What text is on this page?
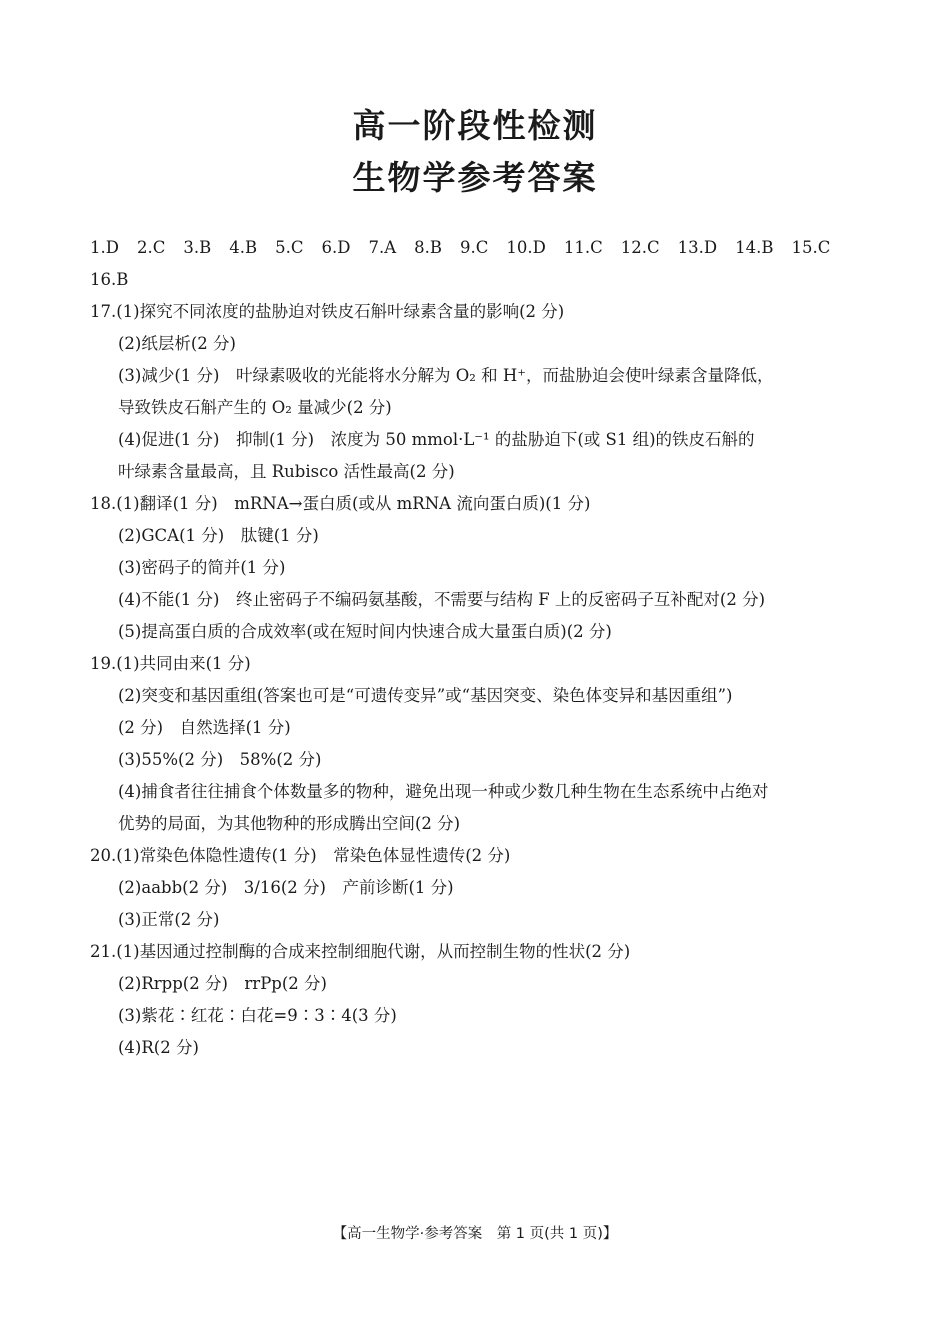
高一阶段性检测
生物学参考答案
1.D 2.C 3.B 4.B 5.C 6.D 7.A 8.B 9.C 10.D 11.C 12.C 13.D 14.B 15.C
16.B
17.(1)探究不同浓度的盐胁迫对铁皮石斛叶绿素含量的影响(2 分)
(2)纸层析(2 分)
(3)减少(1 分)　叶绿素吸收的光能将水分解为 O₂ 和 H⁺，而盐胁迫会使叶绿素含量降低，
导致铁皮石斛产生的 O₂ 量减少(2 分)
(4)促进(1 分)　抑制(1 分)　浓度为 50 mmol·L⁻¹ 的盐胁迫下(或 S1 组)的铁皮石斛的
叶绿素含量最高，且 Rubisco 活性最高(2 分)
18.(1)翻译(1 分)　mRNA→蛋白质(或从 mRNA 流向蛋白质)(1 分)
(2)GCA(1 分)　肽键(1 分)
(3)密码子的简并(1 分)
(4)不能(1 分)　终止密码子不编码氨基酸，不需要与结构 F 上的反密码子互补配对(2 分)
(5)提高蛋白质的合成效率(或在短时间内快速合成大量蛋白质)(2 分)
19.(1)共同由来(1 分)
(2)突变和基因重组(答案也可是“可遗传变异”或“基因突变、染色体变异和基因重组”)
(2 分)　自然选择(1 分)
(3)55%(2 分)　58%(2 分)
(4)捕食者往往捕食个体数量多的物种，避免出现一种或少数几种生物在生态系统中占绝对
优势的局面，为其他物种的形成腾出空间(2 分)
20.(1)常染色体隐性遗传(1 分)　常染色体显性遗传(2 分)
(2)aabb(2 分)　3/16(2 分)　产前诊断(1 分)
(3)正常(2 分)
21.(1)基因通过控制酶的合成来控制细胞代谢，从而控制生物的性状(2 分)
(2)Rrpp(2 分)　rrPp(2 分)
(3)紫花∶红花∶白花=9∶3∶4(3 分)
(4)R(2 分)
【高一生物学·参考答案　第 1 页(共 1 页)】
